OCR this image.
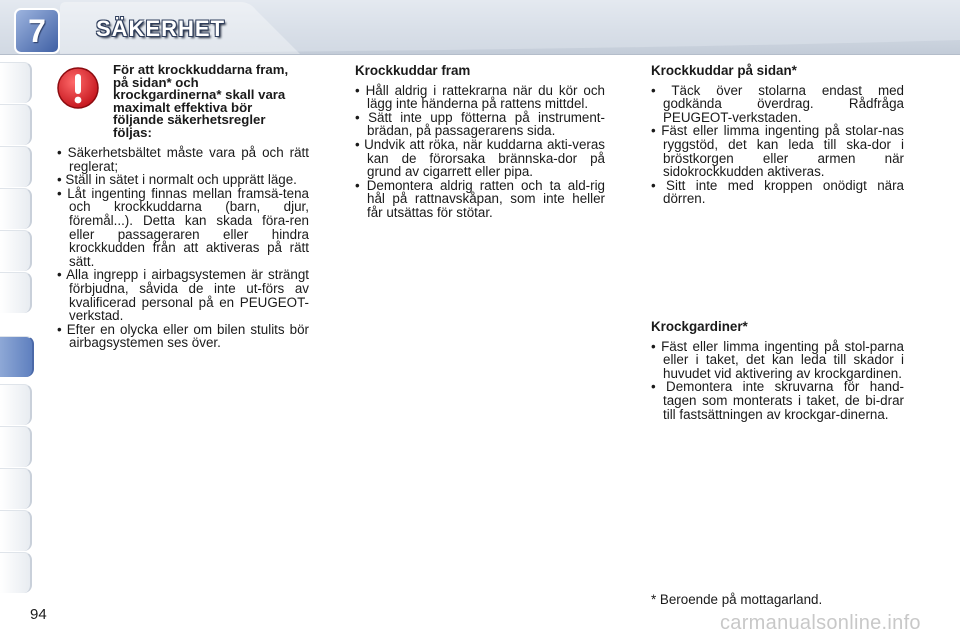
7	SÄKERHET
För att krockkuddarna fram, på sidan* och krockgardinerna* skall vara maximalt effektiva bör följande säkerhetsregler följas:

• Säkerhetsbältet måste vara på och rätt reglerat;

• Ställ in sätet i normalt och upprätt läge.

• Låt ingenting finnas mellan framsä-tena och krockkuddarna (barn, djur, föremål...). Detta kan skada föra-ren eller passageraren eller hindra krockkudden från att aktiveras på rätt sätt.

• Alla ingrepp i airbagsystemen är strängt förbjudna, såvida de inte ut-förs av kvalificerad personal på en PEUGEOT-verkstad.

• Efter en olycka eller om bilen stulits bör airbagsystemen ses över.

Krockkuddar fram

• Håll aldrig i rattekrarna när du kör och lägg inte händerna på rattens mittdel.

• Sätt inte upp fötterna på instrument-brädan, på passagerarens sida.

• Undvik att röka, när kuddarna akti-veras kan de förorsaka brännska-dor på grund av cigarrett eller pipa.

• Demontera aldrig ratten och ta ald-rig hål på rattnavskåpan, som inte heller får utsättas för stötar.

Krockkuddar på sidan*

• Täck över stolarna endast med godkända överdrag. Rådfråga PEUGEOT-verkstaden.

• Fäst eller limma ingenting på stolar-nas ryggstöd, det kan leda till ska-dor i bröstkorgen eller armen när sidokrockkudden aktiveras.

• Sitt inte med kroppen onödigt nära dörren.

Krockgardiner*

• Fäst eller limma ingenting på stol-parna eller i taket, det kan leda till skador i huvudet vid aktivering av krockgardinen.

• Demontera inte skruvarna för hand-tagen som monterats i taket, de bi-drar till fastsättningen av krockgar-dinerna.

* Beroende på mottagarland.
94	carmanualsonline.info
